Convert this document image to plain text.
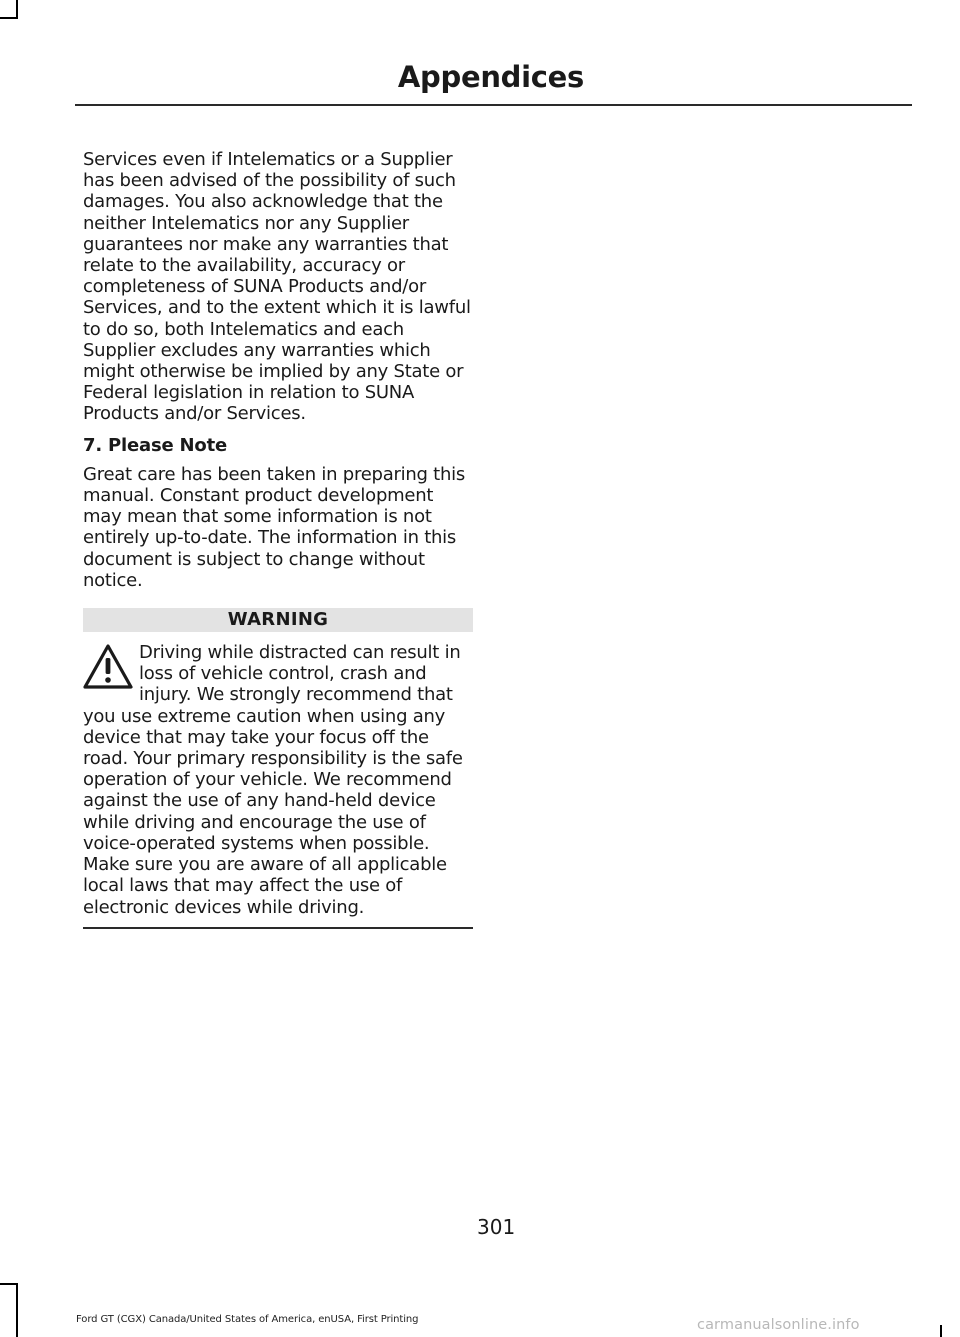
Appendices

Services even if Intelematics or a Supplier has been advised of the possibility of such damages. You also acknowledge that the neither Intelematics nor any Supplier guarantees nor make any warranties that relate to the availability, accuracy or completeness of SUNA Products and/or Services, and to the extent which it is lawful to do so, both Intelematics and each Supplier excludes any warranties which might otherwise be implied by any State or Federal legislation in relation to SUNA Products and/or Services.

7. Please Note

Great care has been taken in preparing this manual. Constant product development may mean that some information is not entirely up-to-date. The information in this document is subject to change without notice.

WARNING
Driving while distracted can result in loss of vehicle control, crash and injury. We strongly recommend that you use extreme caution when using any device that may take your focus off the road. Your primary responsibility is the safe operation of your vehicle. We recommend against the use of any hand-held device while driving and encourage the use of voice-operated systems when possible. Make sure you are aware of all applicable local laws that may affect the use of electronic devices while driving.
301
Ford GT (CGX) Canada/United States of America, enUSA, First Printing	carmanualsonline.info
